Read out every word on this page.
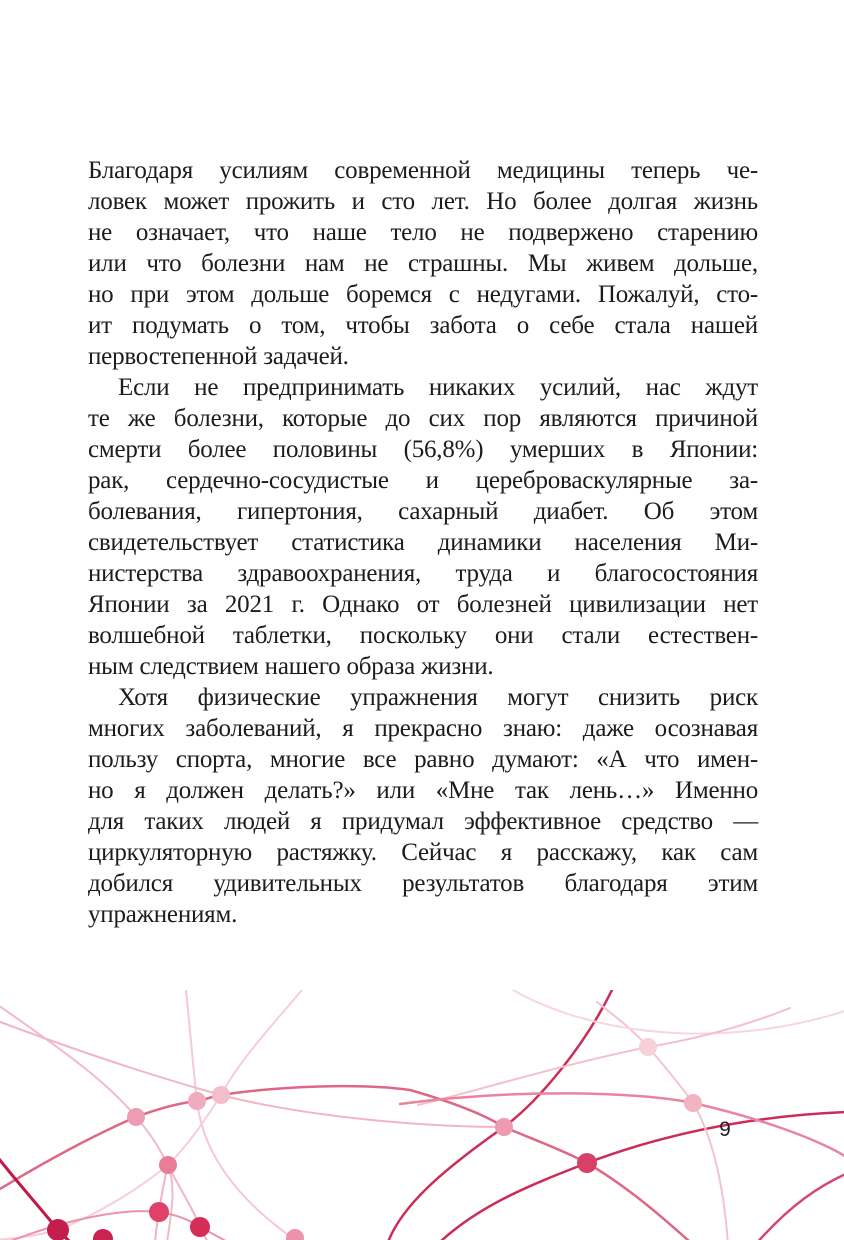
Благодаря усилиям современной медицины теперь че-
ловек может прожить и сто лет. Но более долгая жизнь
не означает, что наше тело не подвержено старению
или что болезни нам не страшны. Мы живем дольше,
но при этом дольше боремся с недугами. Пожалуй, сто-
ит подумать о том, чтобы забота о себе стала нашей
первостепенной задачей.
Если не предпринимать никаких усилий, нас ждут
те же болезни, которые до сих пор являются причиной
смерти более половины (56,8%) умерших в Японии:
рак, сердечно-сосудистые и цереброваскулярные за-
болевания, гипертония, сахарный диабет. Об этом
свидетельствует статистика динамики населения Ми-
нистерства здравоохранения, труда и благосостояния
Японии за 2021 г. Однако от болезней цивилизации нет
волшебной таблетки, поскольку они стали естествен-
ным следствием нашего образа жизни.
Хотя физические упражнения могут снизить риск
многих заболеваний, я прекрасно знаю: даже осознавая
пользу спорта, многие все равно думают: «А что имен-
но я должен делать?» или «Мне так лень…» Именно
для таких людей я придумал эффективное средство —
циркуляторную растяжку. Сейчас я расскажу, как сам
добился удивительных результатов благодаря этим
упражнениям.
9
